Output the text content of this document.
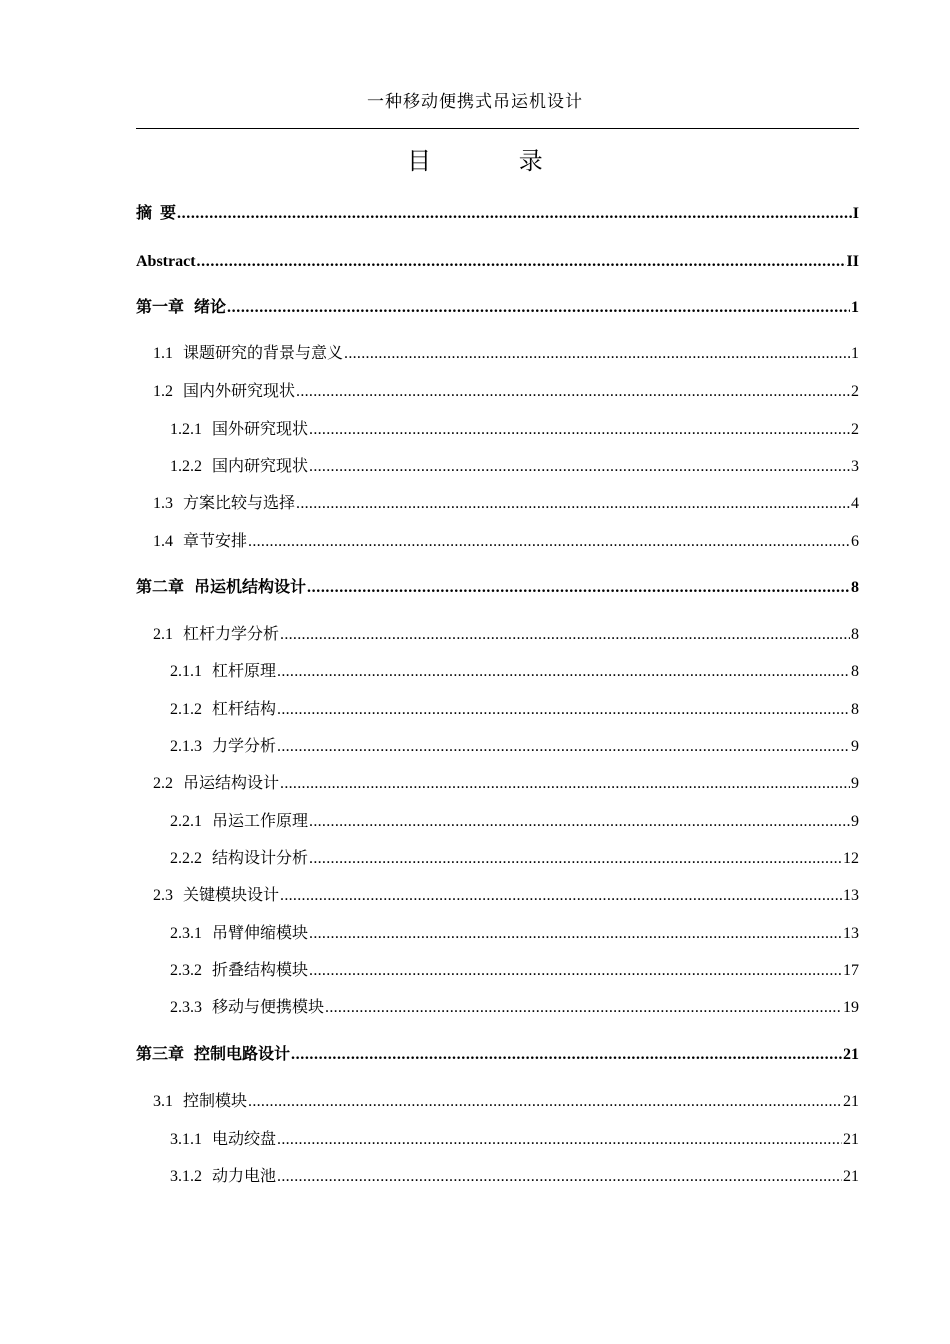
一种移动便携式吊运机设计
目 录
摘  要 .....	I
Abstract .....	II
第一章 绪论 .....	1
1.1 课题研究的背景与意义 .....	1
1.2 国内外研究现状 .....	2
1.2.1 国外研究现状 .....	2
1.2.2 国内研究现状 .....	3
1.3 方案比较与选择 .....	4
1.4 章节安排 .....	6
第二章 吊运机结构设计 .....	8
2.1 杠杆力学分析 .....	8
2.1.1 杠杆原理 .....	8
2.1.2 杠杆结构 .....	8
2.1.3 力学分析 .....	9
2.2 吊运结构设计 .....	9
2.2.1 吊运工作原理 .....	9
2.2.2 结构设计分析 .....	12
2.3 关键模块设计 .....	13
2.3.1 吊臂伸缩模块 .....	13
2.3.2 折叠结构模块 .....	17
2.3.3 移动与便携模块 .....	19
第三章 控制电路设计 .....	21
3.1 控制模块 .....	21
3.1.1 电动绞盘 .....	21
3.1.2 动力电池 .....	21
